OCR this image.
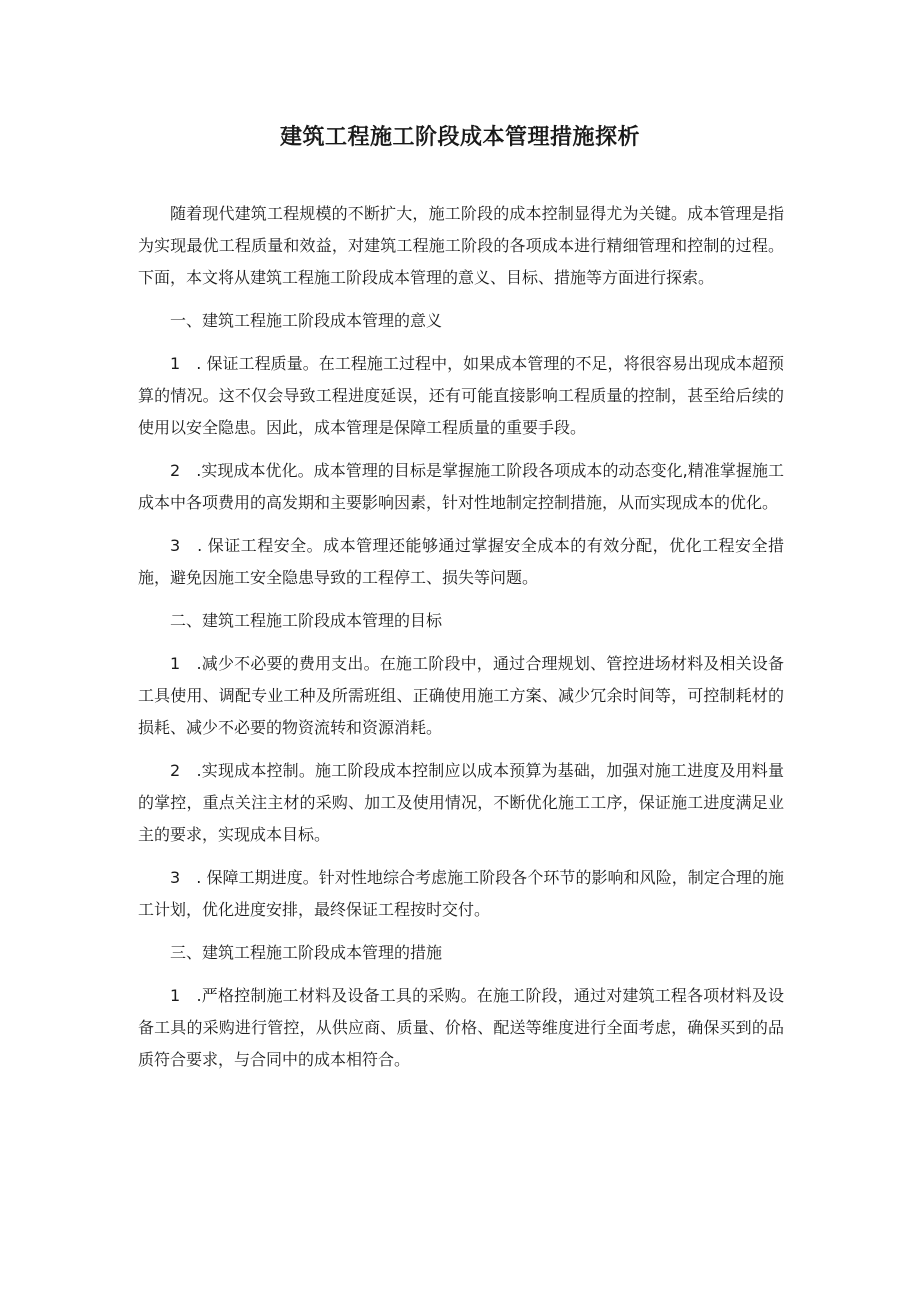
建筑工程施工阶段成本管理措施探析

随着现代建筑工程规模的不断扩大，施工阶段的成本控制显得尤为关键。成本管理是指为实现最优工程质量和效益，对建筑工程施工阶段的各项成本进行精细管理和控制的过程。下面，本文将从建筑工程施工阶段成本管理的意义、目标、措施等方面进行探索。

一、建筑工程施工阶段成本管理的意义

1　. 保证工程质量。在工程施工过程中，如果成本管理的不足，将很容易出现成本超预算的情况。这不仅会导致工程进度延误，还有可能直接影响工程质量的控制，甚至给后续的使用以安全隐患。因此，成本管理是保障工程质量的重要手段。

2　.实现成本优化。成本管理的目标是掌握施工阶段各项成本的动态变化,精准掌握施工成本中各项费用的高发期和主要影响因素，针对性地制定控制措施，从而实现成本的优化。

3　. 保证工程安全。成本管理还能够通过掌握安全成本的有效分配，优化工程安全措施，避免因施工安全隐患导致的工程停工、损失等问题。

二、建筑工程施工阶段成本管理的目标

1　.减少不必要的费用支出。在施工阶段中，通过合理规划、管控进场材料及相关设备工具使用、调配专业工种及所需班组、正确使用施工方案、减少冗余时间等，可控制耗材的损耗、减少不必要的物资流转和资源消耗。

2　.实现成本控制。施工阶段成本控制应以成本预算为基础，加强对施工进度及用料量的掌控，重点关注主材的采购、加工及使用情况，不断优化施工工序，保证施工进度满足业主的要求，实现成本目标。

3　. 保障工期进度。针对性地综合考虑施工阶段各个环节的影响和风险，制定合理的施工计划，优化进度安排，最终保证工程按时交付。

三、建筑工程施工阶段成本管理的措施

1　.严格控制施工材料及设备工具的采购。在施工阶段，通过对建筑工程各项材料及设备工具的采购进行管控，从供应商、质量、价格、配送等维度进行全面考虑，确保买到的品质符合要求，与合同中的成本相符合。
